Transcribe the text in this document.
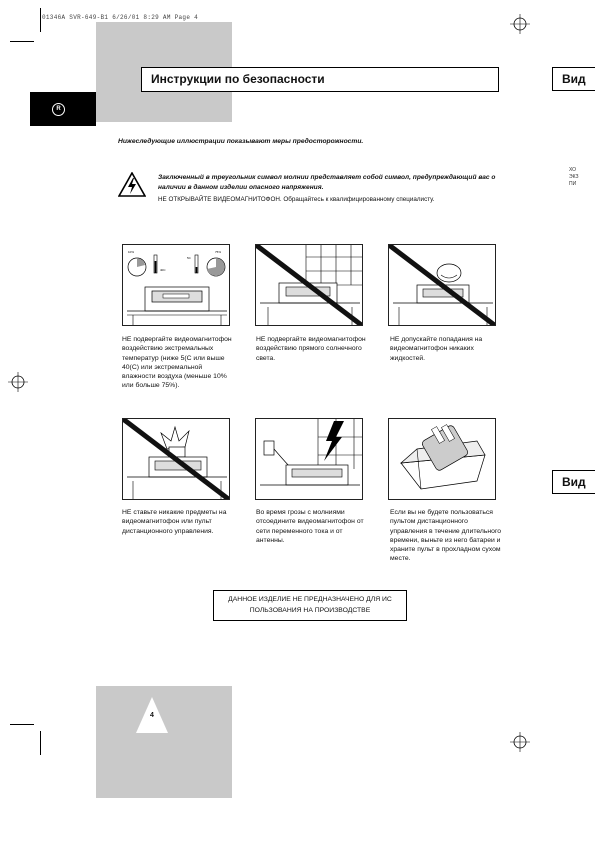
01346A SVR-649-B1 6/26/01 8:29 AM Page 4
R
Инструкции по безопасности	Вид
Вид
ХО
ЭКЗ
ПИ
Нижеследующие иллюстрации показывают меры предосторожности.
Заключенный в треугольник символ молнии представляет собой символ, предупреждающий вас о наличии в данном изделии опасного напряжения.
НЕ ОТКРЫВАЙТЕ ВИДЕОМАГНИТОФОН. Обращайтесь к квалифицированному специалисту.
40C
5C
10%	75%
НЕ подвергайте видеомагнитофон воздействию экстремальных температур (ниже 5(С или выше 40(С) или экстремальной влажности воздуха (меньше 10% или больше 75%).
НЕ подвергайте видеомагнитофон воздействию прямого солнечного света.
НЕ допускайте попадания на видеомагнитофон никаких жидкостей.
НЕ ставьте никакие предметы на видеомагнитофон или пульт дистанционного управления.
Во время грозы с молниями отсоедините видеомагнитофон от сети переменного тока и от антенны.
Если вы не будете пользоваться пультом дистанционного управления в течение длительного времени, выньте из него батареи и храните пульт в прохладном сухом месте.
ДАННОЕ ИЗДЕЛИЕ НЕ ПРЕДНАЗНАЧЕНО ДЛЯ ИС
ПОЛЬЗОВАНИЯ НА ПРОИЗВОДСТВЕ
4
